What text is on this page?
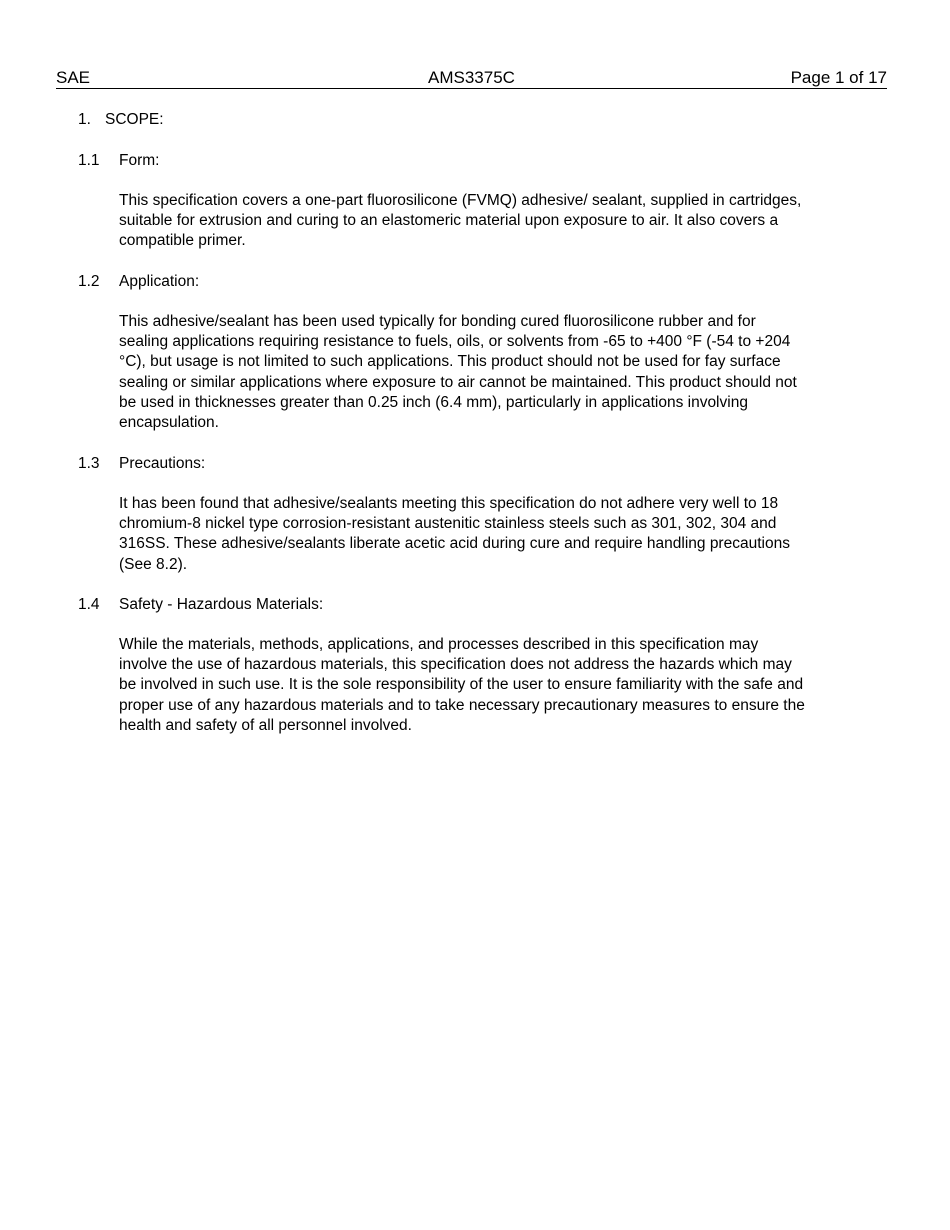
SAE	AMS3375C	Page 1 of 17
1. SCOPE:
1.1 Form:
This specification covers a one-part fluorosilicone (FVMQ) adhesive/ sealant, supplied in cartridges,
suitable for extrusion and curing to an elastomeric material upon exposure to air. It also covers a
compatible primer.
1.2 Application:
This adhesive/sealant has been used typically for bonding cured fluorosilicone rubber and for
sealing applications requiring resistance to fuels, oils, or solvents from -65 to +400 °F (-54 to +204
°C), but usage is not limited to such applications. This product should not be used for fay surface
sealing or similar applications where exposure to air cannot be maintained. This product should not
be used in thicknesses greater than 0.25 inch (6.4 mm), particularly in applications involving
encapsulation.
1.3 Precautions:
It has been found that adhesive/sealants meeting this specification do not adhere very well to 18
chromium-8 nickel type corrosion-resistant austenitic stainless steels such as 301, 302, 304 and
316SS. These adhesive/sealants liberate acetic acid during cure and require handling precautions
(See 8.2).
1.4 Safety - Hazardous Materials:
While the materials, methods, applications, and processes described in this specification may
involve the use of hazardous materials, this specification does not address the hazards which may
be involved in such use. It is the sole responsibility of the user to ensure familiarity with the safe and
proper use of any hazardous materials and to take necessary precautionary measures to ensure the
health and safety of all personnel involved.
